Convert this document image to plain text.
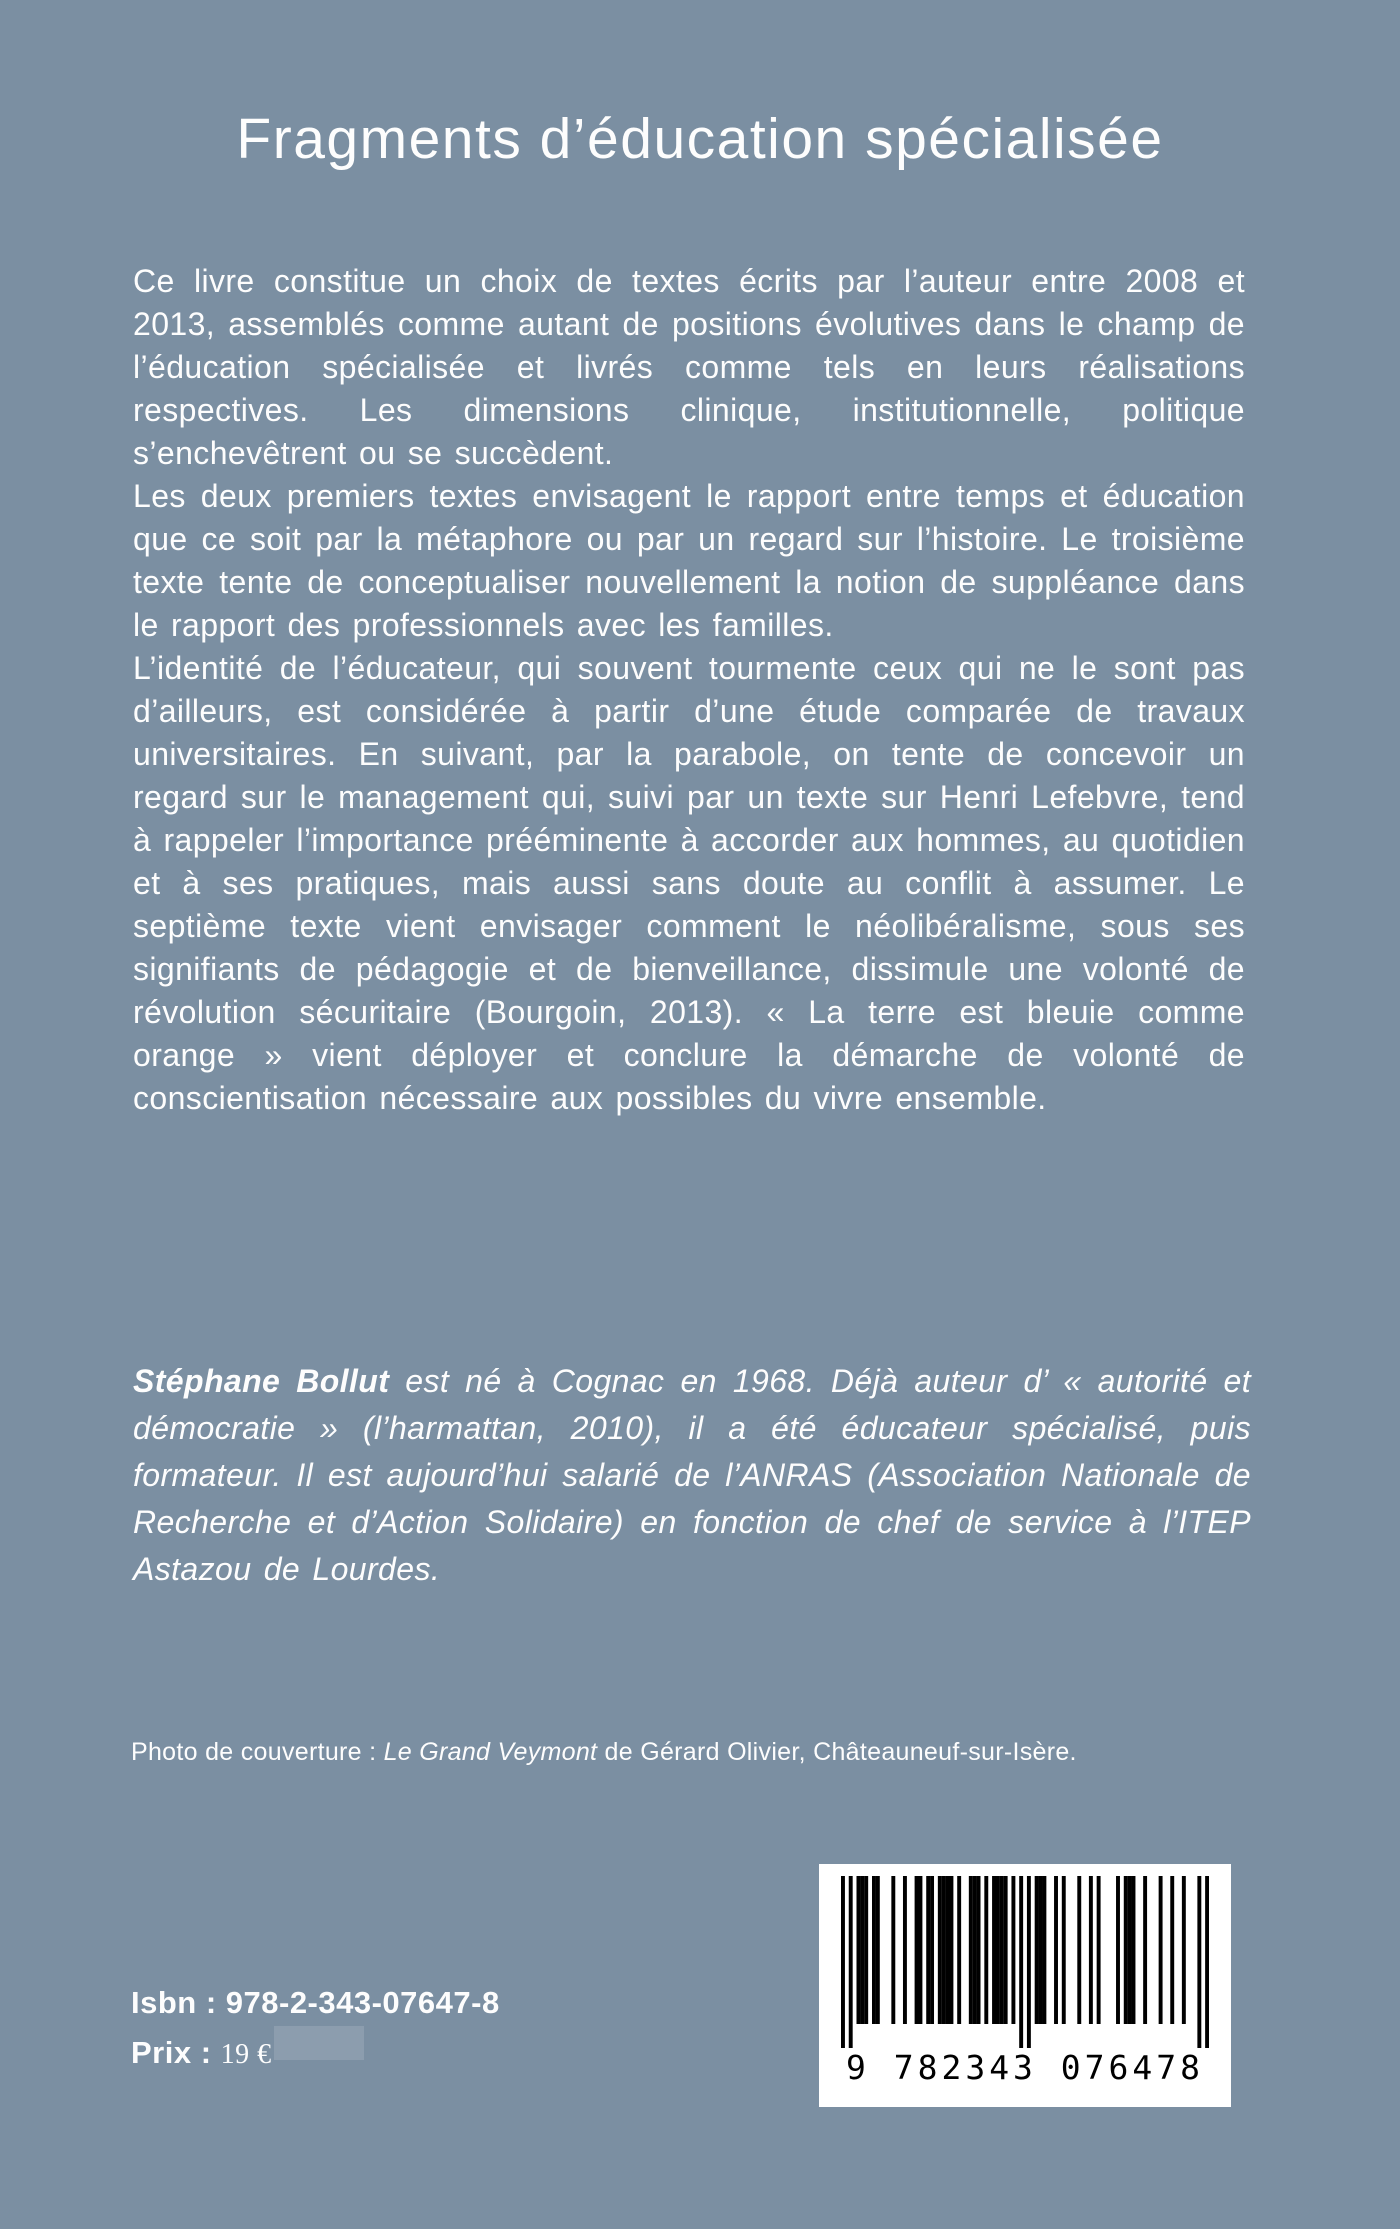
Fragments d’éducation spécialisée

Ce livre constitue un choix de textes écrits par l’auteur entre 2008 et 2013, assemblés comme autant de positions évolutives dans le champ de l’éducation spécialisée et livrés comme tels en leurs réalisations respectives. Les dimensions clinique, institutionnelle, politique s’enchevêtrent ou se succèdent.

Les deux premiers textes envisagent le rapport entre temps et éducation que ce soit par la métaphore ou par un regard sur l’histoire. Le troisième texte tente de conceptualiser nouvellement la notion de suppléance dans le rapport des professionnels avec les familles.

L’identité de l’éducateur, qui souvent tourmente ceux qui ne le sont pas d’ailleurs, est considérée à partir d’une étude comparée de travaux universitaires. En suivant, par la parabole, on tente de concevoir un regard sur le management qui, suivi par un texte sur Henri Lefebvre, tend à rappeler l’importance prééminente à accorder aux hommes, au quotidien et à ses pratiques, mais aussi sans doute au conflit à assumer. Le septième texte vient envisager comment le néolibéralisme, sous ses signifiants de pédagogie et de bienveillance, dissimule une volonté de révolution sécuritaire (Bourgoin, 2013). « La terre est bleuie comme orange » vient déployer et conclure la démarche de volonté de conscientisation nécessaire aux possibles du vivre ensemble.

Stéphane Bollut est né à Cognac en 1968. Déjà auteur d’ « autorité et démocratie » (l’harmattan, 2010), il a été éducateur spécialisé, puis formateur. Il est aujourd’hui salarié de l’ANRAS (Association Nationale de Recherche et d’Action Solidaire) en fonction de chef de service à l’ITEP Astazou de Lourdes.

Photo de couverture : Le Grand Veymont de Gérard Olivier, Châteauneuf-sur-Isère.

Isbn : 978-2-343-07647-8

Prix : 19 €	9 782343 076478
